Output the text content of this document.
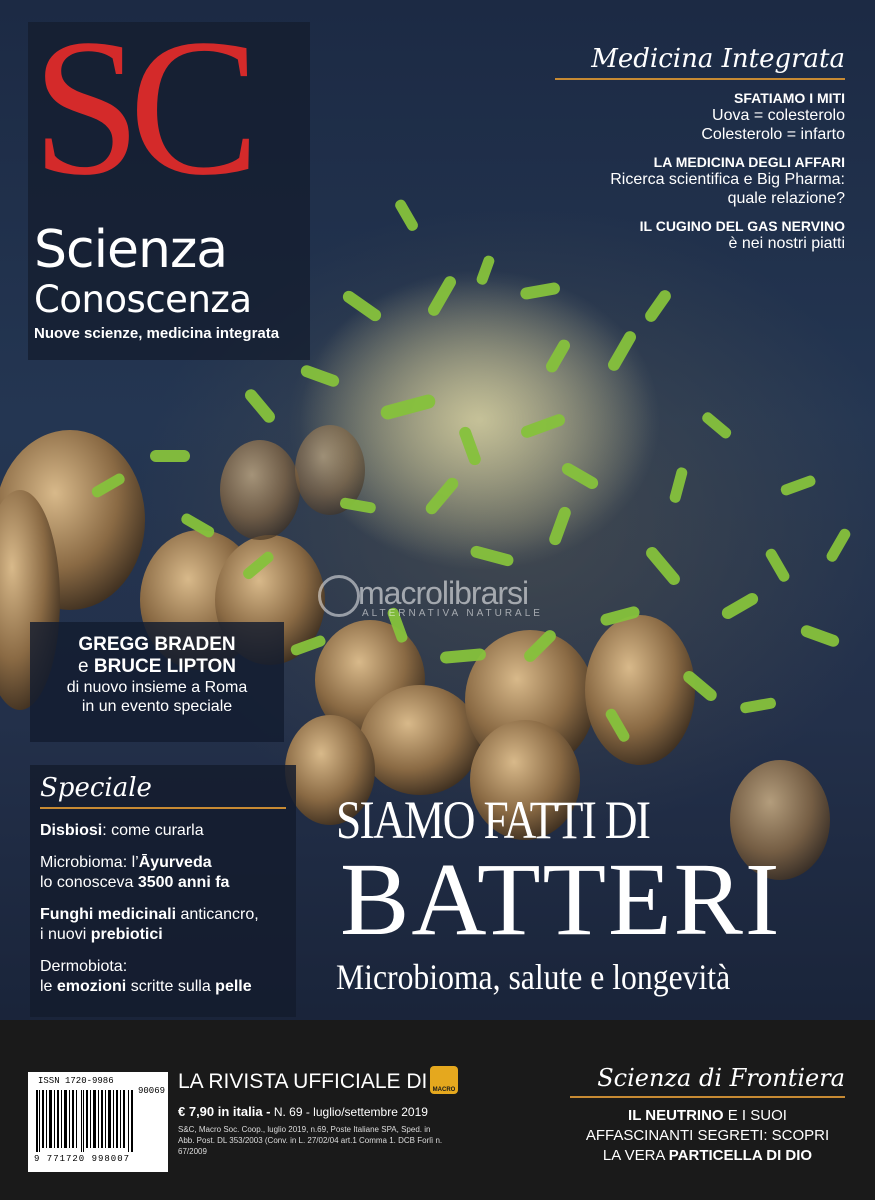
SC
Scienza
Conoscenza
Nuove scienze, medicina integrata
Medicina Integrata
SFATIAMO I MITI
Uova = colesterolo
Colesterolo = infarto
LA MEDICINA DEGLI AFFARI
Ricerca scientifica e Big Pharma:
quale relazione?
IL CUGINO DEL GAS NERVINO
è nei nostri piatti
macrolibrarsi
ALTERNATIVA NATURALE
GREGG BRADEN
e BRUCE LIPTON
di nuovo insieme a Roma
in un evento speciale
Speciale
Disbiosi: come curarla
Microbioma: l’Āyurveda
lo conosceva 3500 anni fa
Funghi medicinali anticancro,
i nuovi prebiotici
Dermobiota:
le emozioni scritte sulla pelle
SIAMO FATTI DI
BATTERI
Microbioma, salute e longevità
ISSN 1720-9986
90069
9 771720 998007
LA RIVISTA UFFICIALE DI MACRO
€ 7,90 in italia - N. 69 - luglio/settembre 2019
S&C, Macro Soc. Coop., luglio 2019, n.69, Poste Italiane SPA, Sped. in Abb. Post. DL 353/2003 (Conv. in L. 27/02/04 art.1 Comma 1. DCB Forlì n. 67/2009
Scienza di Frontiera
IL NEUTRINO E I SUOI
AFFASCINANTI SEGRETI: SCOPRI
LA VERA PARTICELLA DI DIO
